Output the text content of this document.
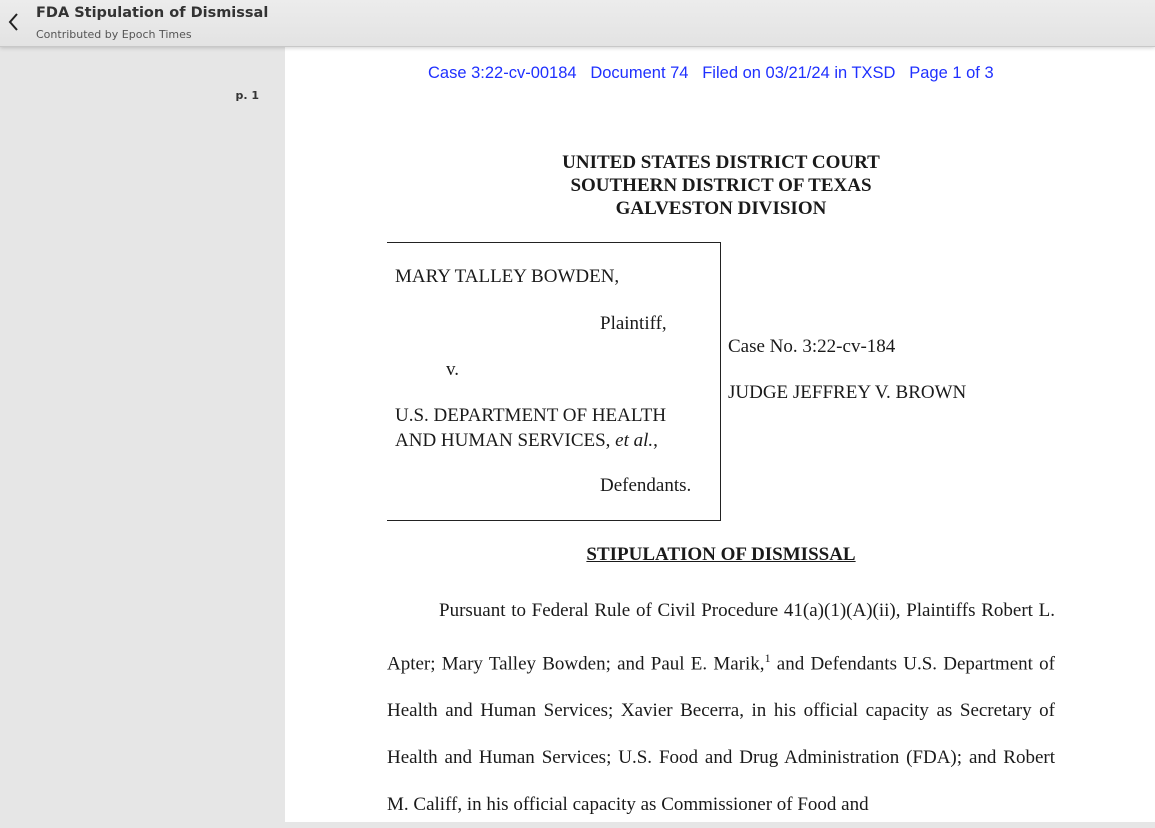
FDA Stipulation of Dismissal
Contributed by Epoch Times
p. 1
Case 3:22-cv-00184   Document 74   Filed on 03/21/24 in TXSD   Page 1 of 3
UNITED STATES DISTRICT COURT
SOUTHERN DISTRICT OF TEXAS
GALVESTON DIVISION
MARY TALLEY BOWDEN,
Plaintiff,
v.
U.S. DEPARTMENT OF HEALTH
AND HUMAN SERVICES, et al.,
Defendants.
Case No. 3:22-cv-184
JUDGE JEFFREY V. BROWN
STIPULATION OF DISMISSAL
Pursuant to Federal Rule of Civil Procedure 41(a)(1)(A)(ii), Plaintiffs Robert L. Apter; Mary Talley Bowden; and Paul E. Marik,$^1$ and Defendants U.S. Department of Health and Human Services; Xavier Becerra, in his official capacity as Secretary of Health and Human Services; U.S. Food and Drug Administration (FDA); and Robert M. Califf, in his official capacity as Commissioner of Food and
